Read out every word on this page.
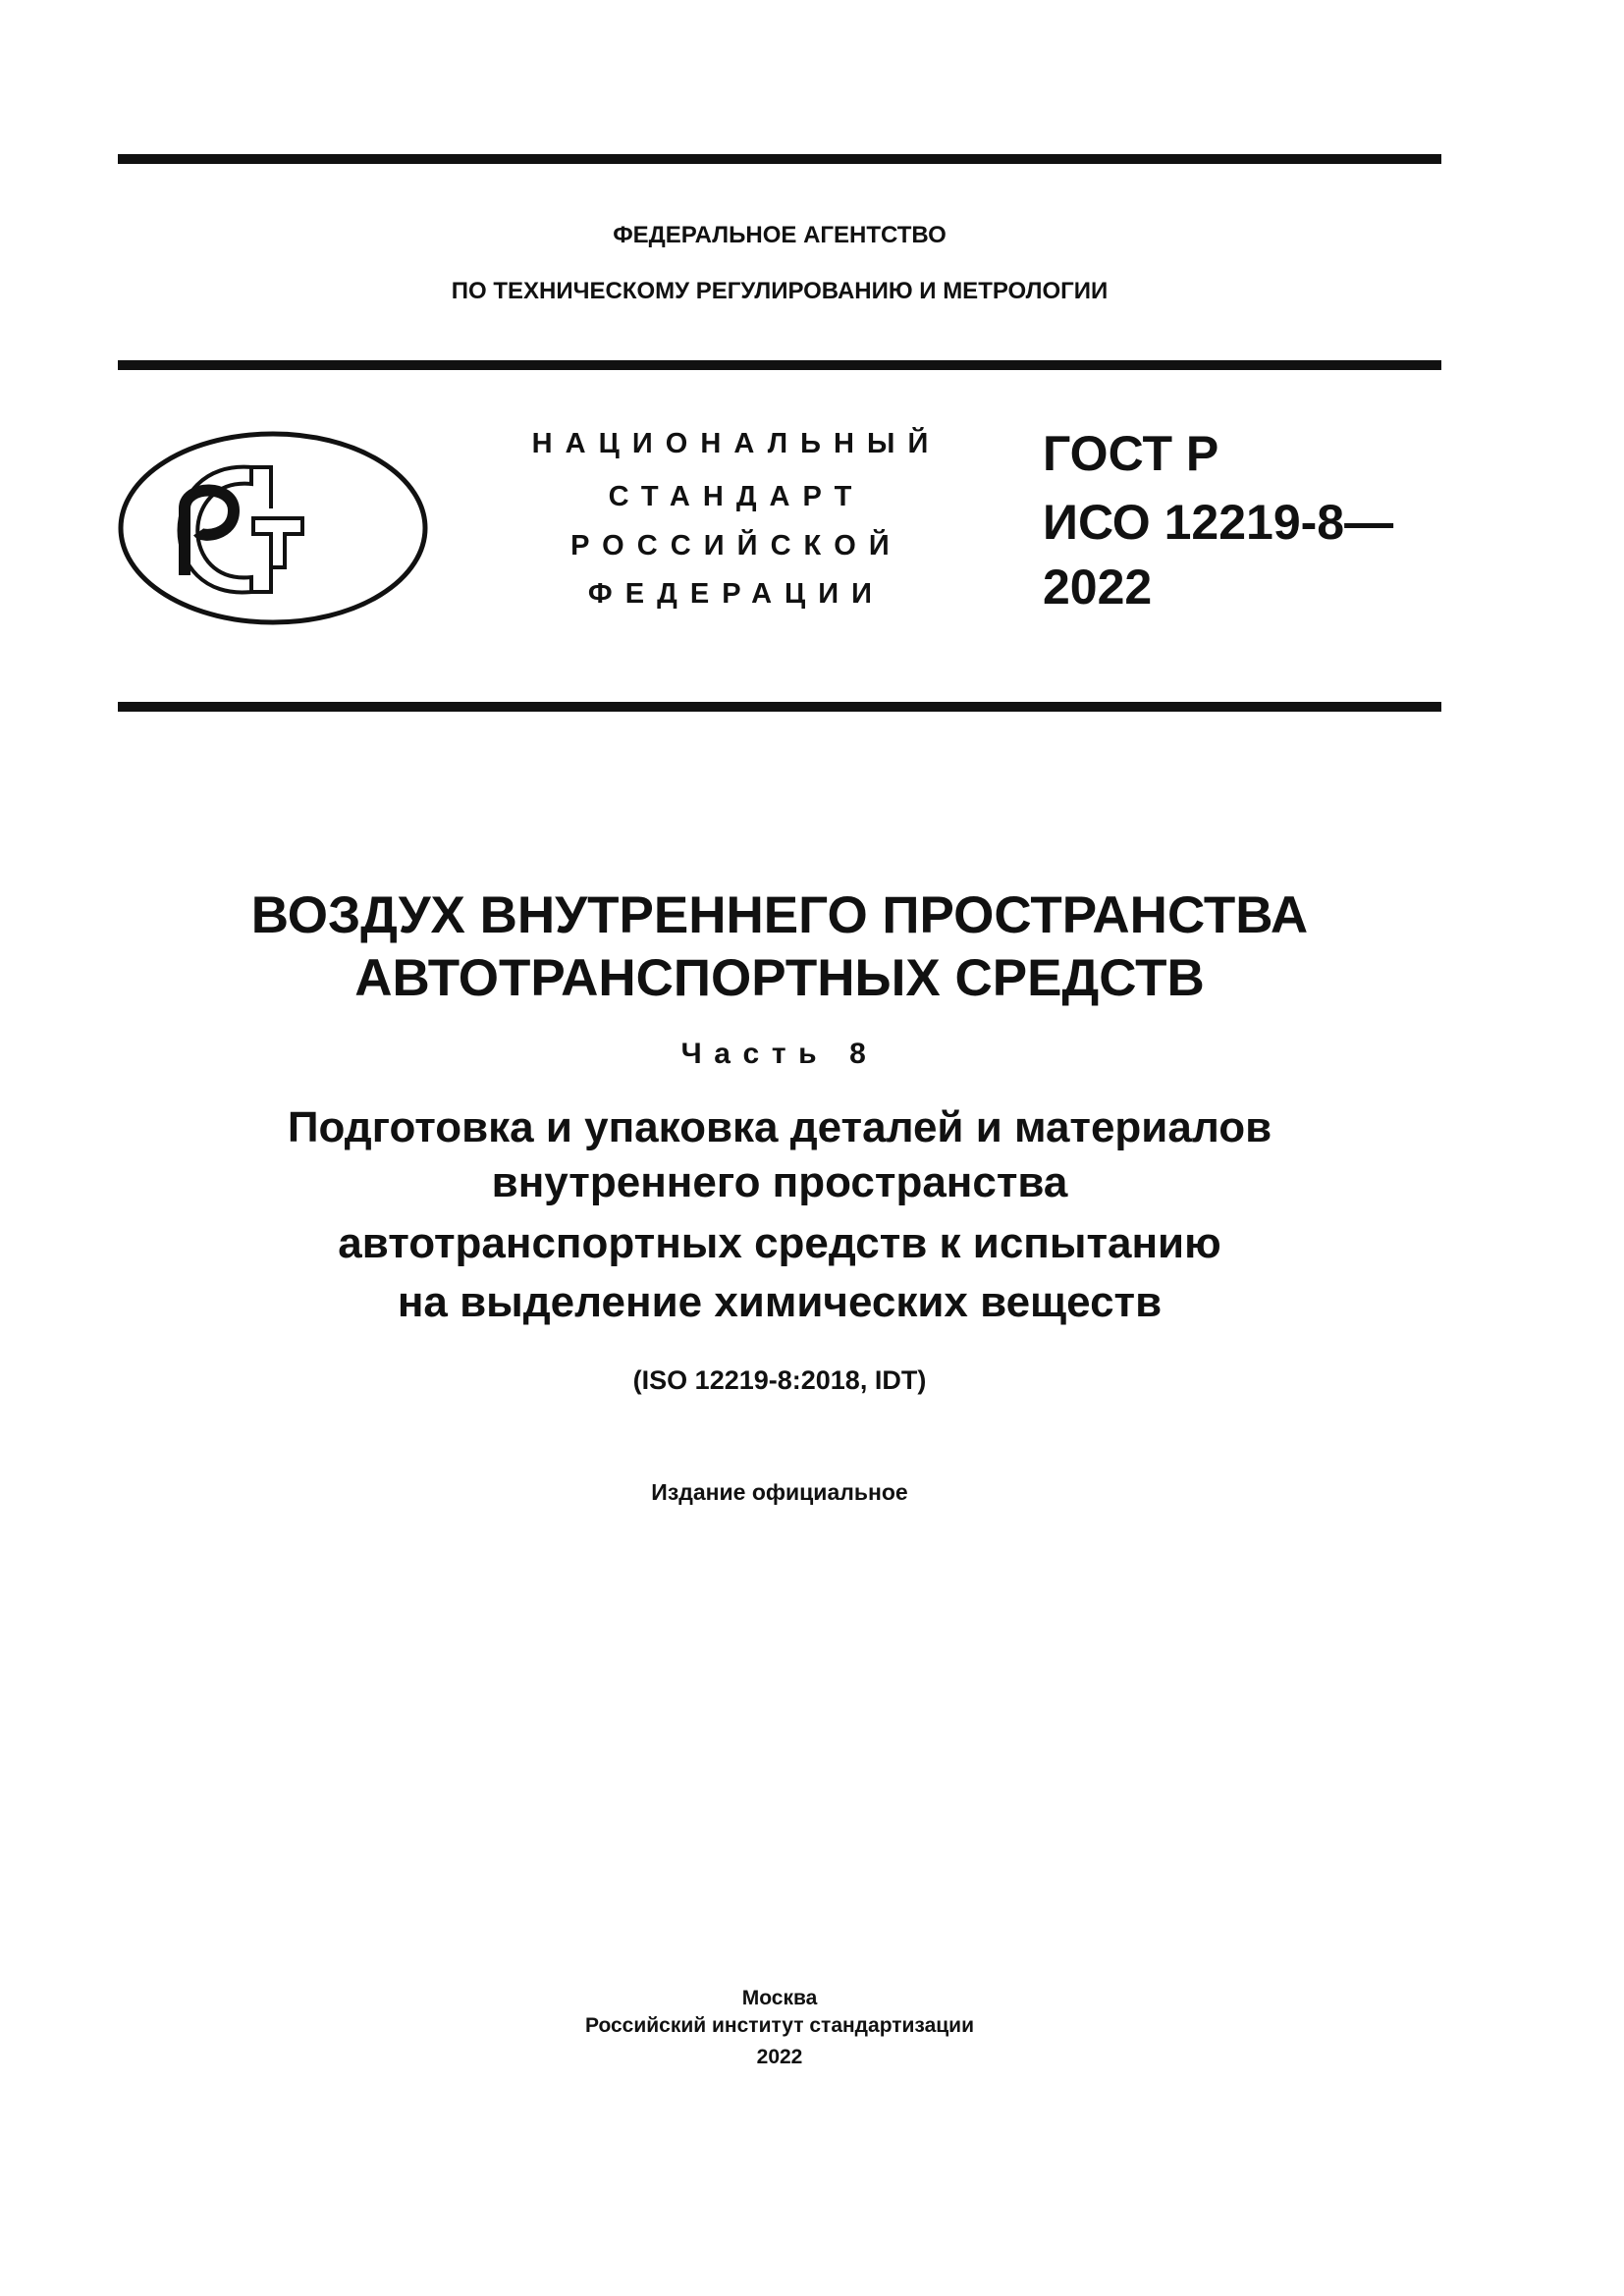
ФЕДЕРАЛЬНОЕ АГЕНТСТВО
ПО ТЕХНИЧЕСКОМУ РЕГУЛИРОВАНИЮ И МЕТРОЛОГИИ
НАЦИОНАЛЬНЫЙ
СТАНДАРТ
РОССИЙСКОЙ
ФЕДЕРАЦИИ
ГОСТ Р
ИСО 12219-8—
2022
ВОЗДУХ ВНУТРЕННЕГО ПРОСТРАНСТВА
АВТОТРАНСПОРТНЫХ СРЕДСТВ
Часть 8
Подготовка и упаковка деталей и материалов
внутреннего пространства
автотранспортных средств к испытанию
на выделение химических веществ
(ISO 12219-8:2018, IDT)
Издание официальное
Москва
Российский институт стандартизации
2022
